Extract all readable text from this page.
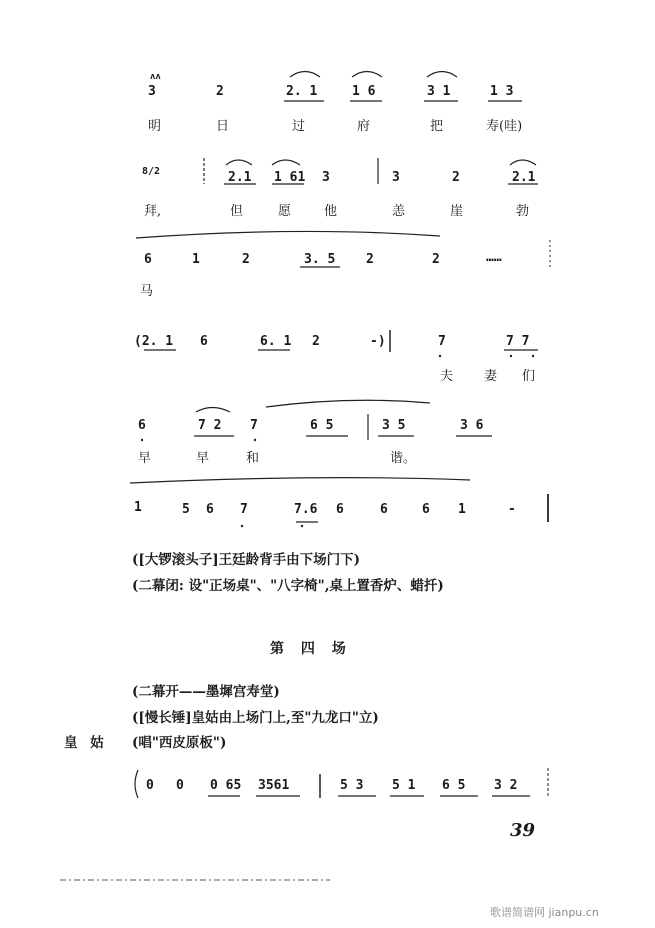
ʌʌ
3	2	2. 1	1 6	3 1	1 3
明	日	过	府	把	寿(哇)
8/2	2.1 1 61 3	3	2	2.1
拜,	但	愿	他	恙	崖	勃
6	1	2	3. 5 2	2	……
马
(2. 1 6	6. 1 2	-)	7	7 7
夫 妻 们
6	7 2 7	6 5	3 5	3 6
早	早	和	谐。
1	5 6 7	7.6 6	6	6 1	-
([大锣滚头子]王廷龄背手由下场门下)
(二幕闭: 设"正场桌"、"八字椅",桌上置香炉、蜡扦)
第 四 场
(二幕开——墨墀宫寿堂)
([慢长锤]皇姑由上场门上,至"九龙口"立)
皇 姑 (唱"西皮原板")
0 0 0 65 3561	5 3 5 1 6 5 3 2
39
歌谱简谱网 jianpu.cn
